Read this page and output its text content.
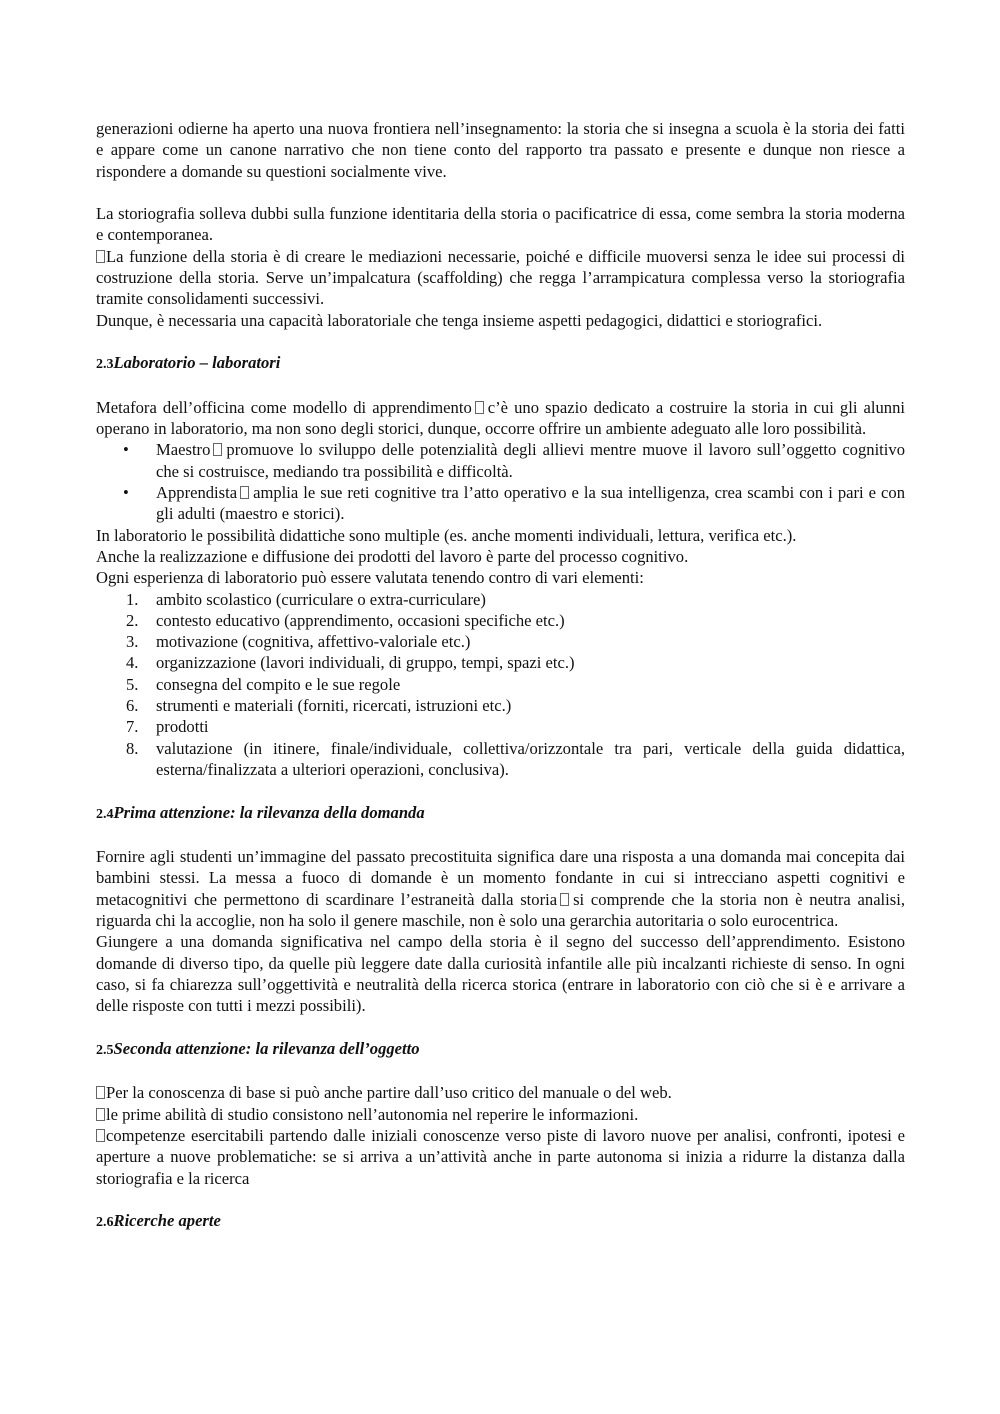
generazioni odierne ha aperto una nuova frontiera nell’insegnamento: la storia che si insegna a scuola è la storia dei fatti e appare come un canone narrativo che non tiene conto del rapporto tra passato e presente e dunque non riesce a rispondere a domande su questioni socialmente vive.

La storiografia solleva dubbi sulla funzione identitaria della storia o pacificatrice di essa, come sembra la storia moderna e contemporanea.

La funzione della storia è di creare le mediazioni necessarie, poiché e difficile muoversi senza le idee sui processi di costruzione della storia. Serve un’impalcatura (scaffolding) che regga l’arrampicatura complessa verso la storiografia tramite consolidamenti successivi.

Dunque, è necessaria una capacità laboratoriale che tenga insieme aspetti pedagogici, didattici e storiografici.

2.3Laboratorio – laboratori

Metafora dell’officina come modello di apprendimento c’è uno spazio dedicato a costruire la storia in cui gli alunni operano in laboratorio, ma non sono degli storici, dunque, occorre offrire un ambiente adeguato alle loro possibilità.

• Maestro promuove lo sviluppo delle potenzialità degli allievi mentre muove il lavoro sull’oggetto cognitivo che si costruisce, mediando tra possibilità e difficoltà.
• Apprendista amplia le sue reti cognitive tra l’atto operativo e la sua intelligenza, crea scambi con i pari e con gli adulti (maestro e storici).

In laboratorio le possibilità didattiche sono multiple (es. anche momenti individuali, lettura, verifica etc.).

Anche la realizzazione e diffusione dei prodotti del lavoro è parte del processo cognitivo.

Ogni esperienza di laboratorio può essere valutata tenendo contro di vari elementi:

1. ambito scolastico (curriculare o extra-curriculare)
2. contesto educativo (apprendimento, occasioni specifiche etc.)
3. motivazione (cognitiva, affettivo-valoriale etc.)
4. organizzazione (lavori individuali, di gruppo, tempi, spazi etc.)
5. consegna del compito e le sue regole
6. strumenti e materiali (forniti, ricercati, istruzioni etc.)
7. prodotti
8. valutazione (in itinere, finale/individuale, collettiva/orizzontale tra pari, verticale della guida didattica, esterna/finalizzata a ulteriori operazioni, conclusiva).
2.4Prima attenzione: la rilevanza della domanda

Fornire agli studenti un’immagine del passato precostituita significa dare una risposta a una domanda mai concepita dai bambini stessi. La messa a fuoco di domande è un momento fondante in cui si intrecciano aspetti cognitivi e metacognitivi che permettono di scardinare l’estraneità dalla storia si comprende che la storia non è neutra analisi, riguarda chi la accoglie, non ha solo il genere maschile, non è solo una gerarchia autoritaria o solo eurocentrica.

Giungere a una domanda significativa nel campo della storia è il segno del successo dell’apprendimento. Esistono domande di diverso tipo, da quelle più leggere date dalla curiosità infantile alle più incalzanti richieste di senso. In ogni caso, si fa chiarezza sull’oggettività e neutralità della ricerca storica (entrare in laboratorio con ciò che si è e arrivare a delle risposte con tutti i mezzi possibili).

2.5Seconda attenzione: la rilevanza dell’oggetto

Per la conoscenza di base si può anche partire dall’uso critico del manuale o del web.

le prime abilità di studio consistono nell’autonomia nel reperire le informazioni.

competenze esercitabili partendo dalle iniziali conoscenze verso piste di lavoro nuove per analisi, confronti, ipotesi e aperture a nuove problematiche: se si arriva a un’attività anche in parte autonoma si inizia a ridurre la distanza dalla storiografia e la ricerca

2.6Ricerche aperte
